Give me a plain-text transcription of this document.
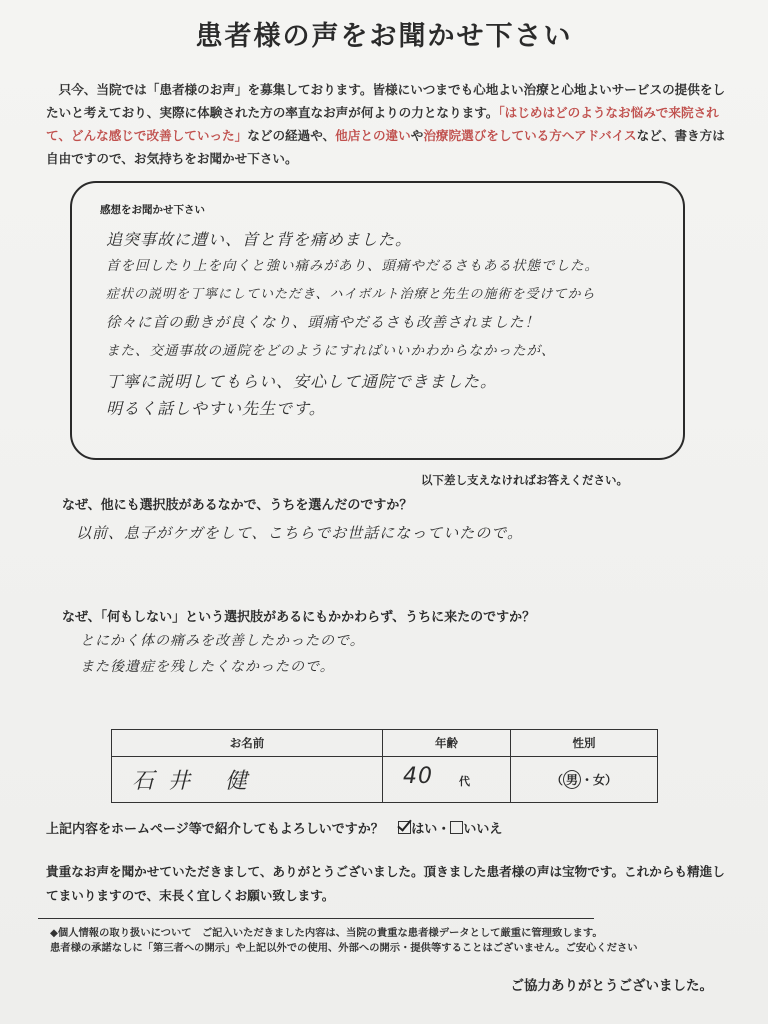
患者様の声をお聞かせ下さい
　只今、当院では「患者様のお声」を募集しております。皆様にいつまでも心地よい治療と心地よいサービスの提供をしたいと考えており、実際に体験された方の率直なお声が何よりの力となります。「はじめはどのようなお悩みで来院されて、どんな感じで改善していった」などの経過や、他店との違いや治療院選びをしている方へアドバイスなど、書き方は自由ですので、お気持ちをお聞かせ下さい。
感想をお聞かせ下さい
追突事故に遭い、首と背を痛めました。
首を回したり上を向くと強い痛みがあり、頭痛やだるさもある状態でした。
症状の説明を丁寧にしていただき、ハイボルト治療と先生の施術を受けてから
徐々に首の動きが良くなり、頭痛やだるさも改善されました！
また、交通事故の通院をどのようにすればいいかわからなかったが、
丁寧に説明してもらい、安心して通院できました。
明るく話しやすい先生です。
以下差し支えなければお答えください。
なぜ、他にも選択肢があるなかで、うちを選んだのですか？
以前、息子がケガをして、こちらでお世話になっていたので。
なぜ、「何もしない」という選択肢があるにもかかわらず、うちに来たのですか？
とにかく体の痛みを改善したかったので。
また後遺症を残したくなかったので。
お名前	年齢	性別
石井 健	40 代	（ 男 ・女）
上記内容をホームページ等で紹介してもよろしいですか？ はい・ いいえ
貴重なお声を聞かせていただきまして、ありがとうございました。頂きました患者様の声は宝物です。これからも精進してまいりますので、末長く宜しくお願い致します。
◆個人情報の取り扱いについて　ご記入いただきました内容は、当院の貴重な患者様データとして厳重に管理致します。
患者様の承諾なしに「第三者への開示」や上記以外での使用、外部への開示・提供等することはございません。ご安心ください
ご協力ありがとうございました。
